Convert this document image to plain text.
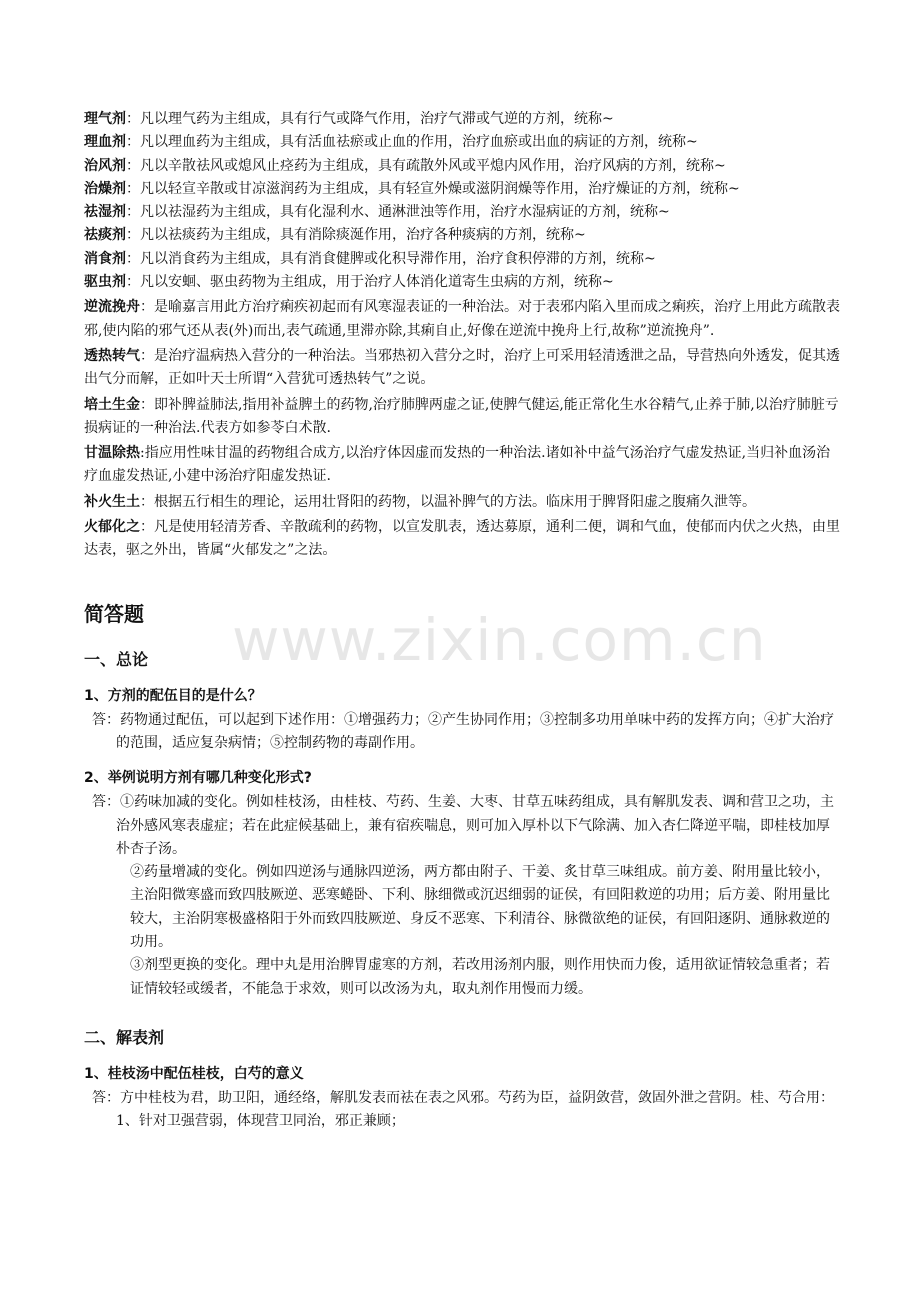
www.zixin.com.cn

理气剂：凡以理气药为主组成，具有行气或降气作用，治疗气滞或气逆的方剂，统称~

理血剂：凡以理血药为主组成，具有活血祛瘀或止血的作用，治疗血瘀或出血的病证的方剂，统称~

治风剂：凡以辛散祛风或熄风止痉药为主组成，具有疏散外风或平熄内风作用，治疗风病的方剂，统称~

治燥剂：凡以轻宣辛散或甘凉滋润药为主组成，具有轻宣外燥或滋阴润燥等作用，治疗燥证的方剂，统称~

祛湿剂：凡以祛湿药为主组成，具有化湿利水、通淋泄浊等作用，治疗水湿病证的方剂，统称~

祛痰剂：凡以祛痰药为主组成，具有消除痰涎作用，治疗各种痰病的方剂，统称~

消食剂：凡以消食药为主组成，具有消食健脾或化积导滞作用，治疗食积停滞的方剂，统称~

驱虫剂：凡以安蛔、驱虫药物为主组成，用于治疗人体消化道寄生虫病的方剂，统称~

逆流挽舟：是喻嘉言用此方治疗痢疾初起而有风寒湿表证的一种治法。对于表邪内陷入里而成之痢疾，治疗上用此方疏散表邪,使内陷的邪气还从表(外)而出,表气疏通,里滞亦除,其痢自止,好像在逆流中挽舟上行,故称”逆流挽舟”.

透热转气：是治疗温病热入营分的一种治法。当邪热初入营分之时，治疗上可采用轻清透泄之品，导营热向外透发，促其透出气分而解，正如叶天士所谓“入营犹可透热转气”之说。

培土生金：即补脾益肺法,指用补益脾土的药物,治疗肺脾两虚之证,使脾气健运,能正常化生水谷精气,止养于肺,以治疗肺脏亏损病证的一种治法.代表方如参苓白术散.

甘温除热:指应用性味甘温的药物组合成方,以治疗体因虚而发热的一种治法.诸如补中益气汤治疗气虚发热证,当归补血汤治疗血虚发热证,小建中汤治疗阳虚发热证.

补火生土：根据五行相生的理论，运用壮肾阳的药物，以温补脾气的方法。临床用于脾肾阳虚之腹痛久泄等。

火郁化之：凡是使用轻清芳香、辛散疏利的药物，以宣发肌表，透达募原，通利二便，调和气血，使郁而内伏之火热，由里达表，驱之外出，皆属“火郁发之”之法。

简答题
一、总论
1、方剂的配伍目的是什么？

答：药物通过配伍，可以起到下述作用：①增强药力；②产生协同作用；③控制多功用单味中药的发挥方向；④扩大治疗的范围，适应复杂病情；⑤控制药物的毒副作用。

2、举例说明方剂有哪几种变化形式?

答：①药味加减的变化。例如桂枝汤，由桂枝、芍药、生姜、大枣、甘草五味药组成，具有解肌发表、调和营卫之功，主治外感风寒表虚症；若在此症候基础上，兼有宿疾喘息，则可加入厚朴以下气除满、加入杏仁降逆平喘，即桂枝加厚朴杏子汤。

②药量增减的变化。例如四逆汤与通脉四逆汤，两方都由附子、干姜、炙甘草三味组成。前方姜、附用量比较小，主治阳微寒盛而致四肢厥逆、恶寒蜷卧、下利、脉细微或沉迟细弱的证侯，有回阳救逆的功用；后方姜、附用量比较大，主治阴寒极盛格阳于外而致四肢厥逆、身反不恶寒、下利清谷、脉微欲绝的证侯，有回阳逐阴、通脉救逆的功用。

③剂型更换的变化。理中丸是用治脾胃虚寒的方剂，若改用汤剂内服，则作用快而力俊，适用欲证情较急重者；若证情较轻或缓者，不能急于求效，则可以改汤为丸，取丸剂作用慢而力缓。

二、解表剂
1、桂枝汤中配伍桂枝，白芍的意义

答：方中桂枝为君，助卫阳，通经络，解肌发表而祛在表之风邪。芍药为臣，益阴敛营，敛固外泄之营阴。桂、芍合用：1、针对卫强营弱，体现营卫同治，邪正兼顾；
